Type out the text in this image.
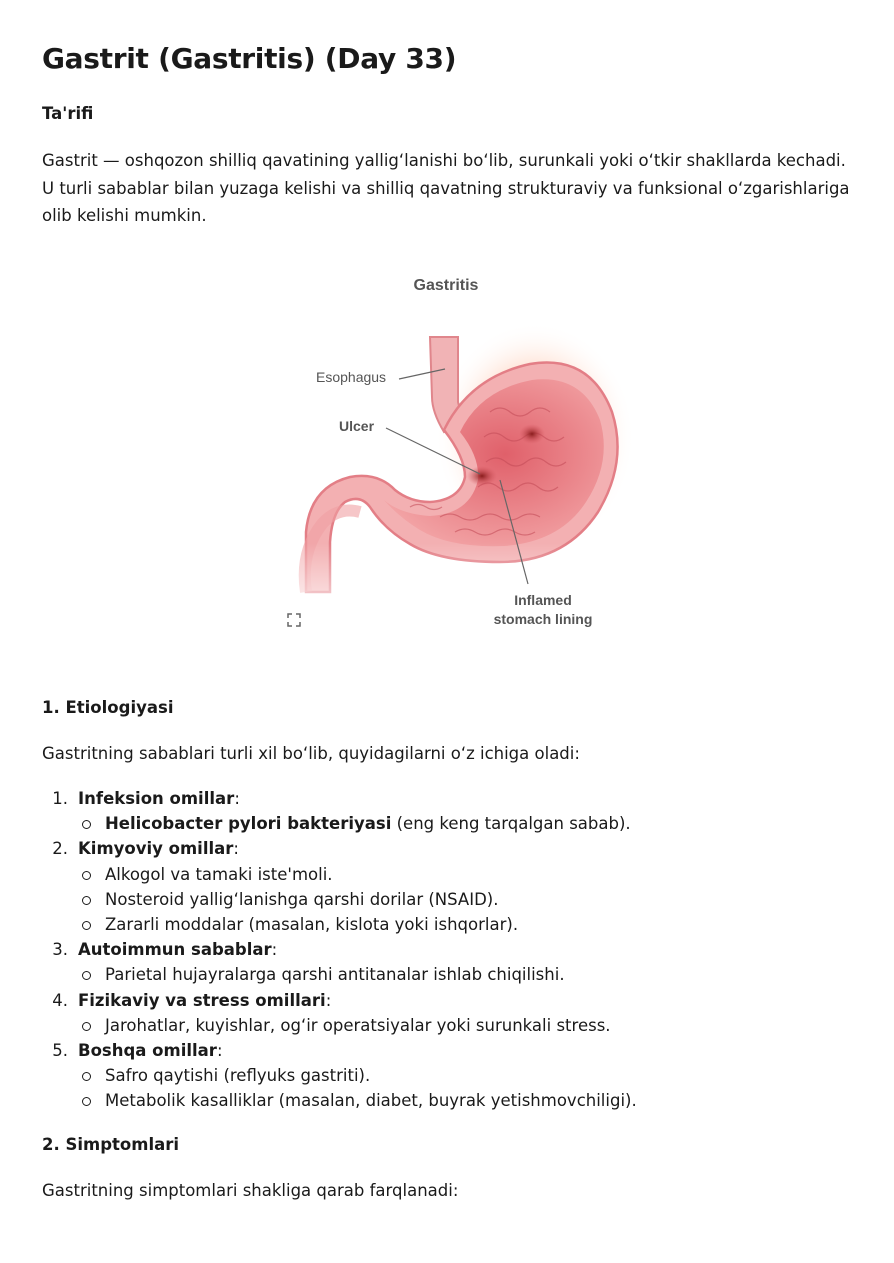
Gastrit (Gastritis) (Day 33)
Ta'rifi

Gastrit — oshqozon shilliq qavatining yallig‘lanishi bo‘lib, surunkali yoki o‘tkir shakllarda kechadi. U turli sabablar bilan yuzaga kelishi va shilliq qavatning strukturaviy va funksional o‘zgarishlariga olib kelishi mumkin.

Esophagus
Ulcer
Inflamed
stomach lining
1. Etiologiyasi

Gastritning sabablari turli xil bo‘lib, quyidagilarni o‘z ichiga oladi:

1. Infeksion omillar:
Helicobacter pylori bakteriyasi (eng keng tarqalgan sabab).
2. Kimyoviy omillar:
Alkogol va tamaki iste'moli.
Nosteroid yallig‘lanishga qarshi dorilar (NSAID).
Zararli moddalar (masalan, kislota yoki ishqorlar).
3. Autoimmun sabablar:
Parietal hujayralarga qarshi antitanalar ishlab chiqilishi.
4. Fizikaviy va stress omillari:
Jarohatlar, kuyishlar, og‘ir operatsiyalar yoki surunkali stress.
5. Boshqa omillar:
Safro qaytishi (reflyuks gastriti).
Metabolik kasalliklar (masalan, diabet, buyrak yetishmovchiligi).
2. Simptomlari

Gastritning simptomlari shakliga qarab farqlanadi:
